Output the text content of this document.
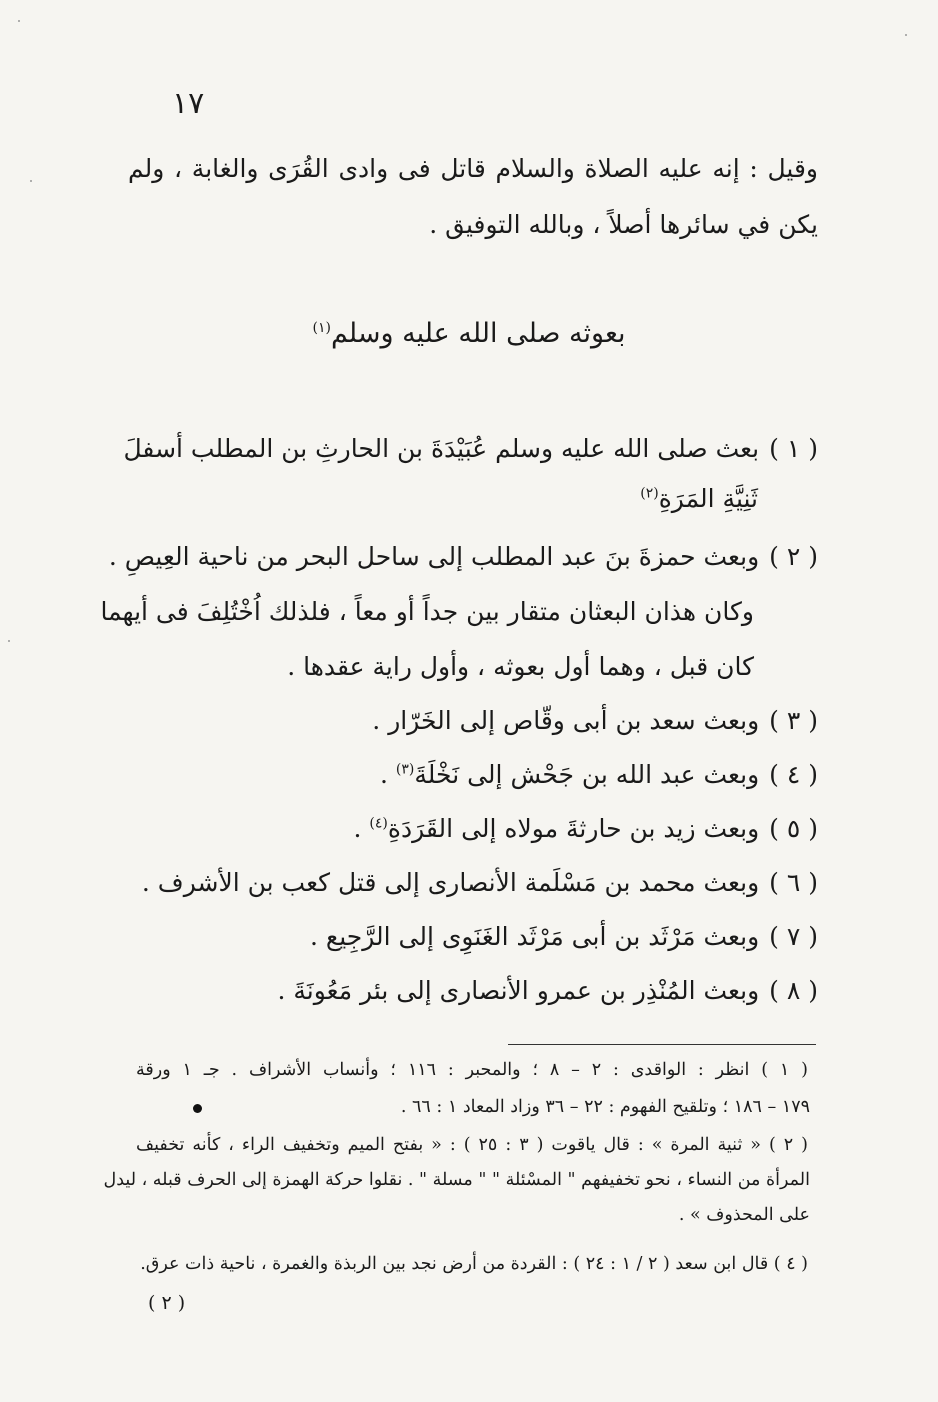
١٧
وقيل : إنه عليه الصلاة والسلام قاتل فى وادى القُرَى والغابة ، ولم
يكن في سائرها أصلاً ، وبالله التوفيق .
بعوثه صلى الله عليه وسلم$^{(١)}$
( ١ )بعث صلى الله عليه وسلم عُبَيْدَةَ بن الحارثِ بن المطلب أسفلَ
ثَنِيَّةِ المَرَةِ$^{(٢)}$
( ٢ )وبعث حمزةَ بنَ عبد المطلب إلى ساحل البحر من ناحية العِيصِ .
وكان هذان البعثان متقار بين جداً أو معاً ، فلذلك اُخْتُلِفَ فى أيهما
كان قبل ، وهما أول بعوثه ، وأول راية عقدها .
( ٣ )وبعث سعد بن أبى وقّاص إلى الخَرّار .
( ٤ )وبعث عبد الله بن جَحْش إلى نَخْلَةَ$^{(٣)}$ .
( ٥ )وبعث زيد بن حارثةَ مولاه إلى القَرَدَةِ$^{(٤)}$ .
( ٦ )وبعث محمد بن مَسْلَمة الأنصارى إلى قتل كعب بن الأشرف .
( ٧ )وبعث مَرْثَد بن أبى مَرْثَد الغَنَوِى إلى الرَّجِيع .
( ٨ )وبعث المُنْذِر بن عمرو الأنصارى إلى بئر مَعُونَةَ .
( ١ ) انظر : الواقدى : ٢ – ٨ ؛ والمحبر : ١١٦ ؛ وأنساب الأشراف . جـ ١ ورقة
١٧٩ – ١٨٦ ؛ وتلقيح الفهوم : ٢٢ – ٣٦ وزاد المعاد ١ : ٦٦ .
( ٢ ) « ثنية المرة » : قال ياقوت ( ٣ : ٢٥ ) : « بفتح الميم وتخفيف الراء ، كأنه تخفيف
المرأة من النساء ، نحو تخفيفهم " المسْئلة " " مسلة " . نقلوا حركة الهمزة إلى الحرف قبله ، ليدل
على المحذوف » .
( ٤ ) قال ابن سعد ( ٢ / ١ : ٢٤ ) : القردة من أرض نجد بين الربذة والغمرة ، ناحية ذات عرق.
( ٢ )
